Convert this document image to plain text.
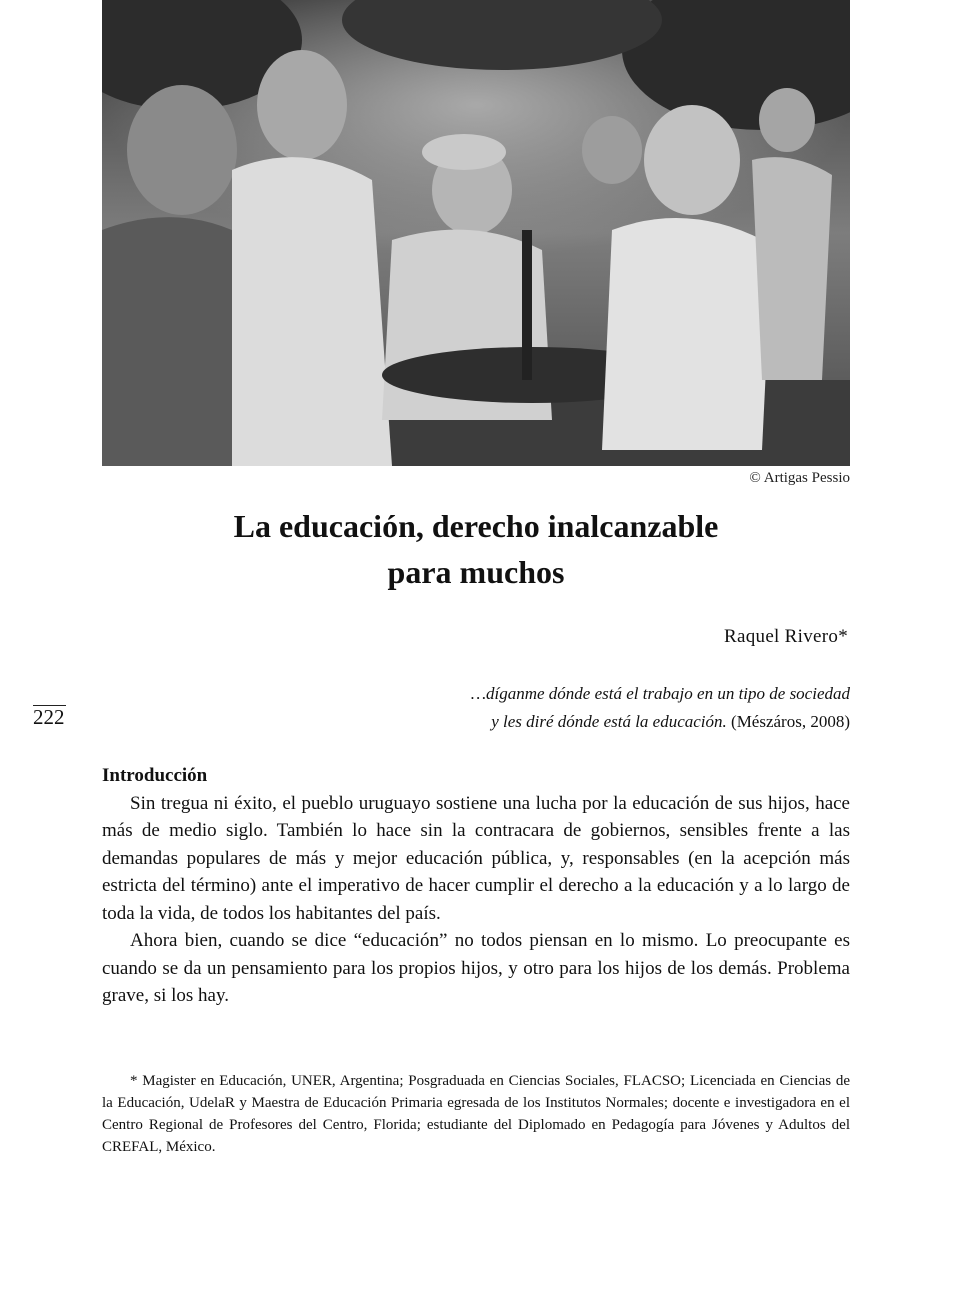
© Artigas Pessio
La educación, derecho inalcanzable
para muchos
Raquel Rivero*
…díganme dónde está el trabajo en un tipo de sociedad
y les diré dónde está la educación. (Mészáros, 2008)
222

Introducción

Sin tregua ni éxito, el pueblo uruguayo sostiene una lucha por la educación de sus hijos, hace más de medio siglo. También lo hace sin la contracara de gobiernos, sensibles frente a las demandas populares de más y mejor educación pública, y, responsables (en la acepción más estricta del término) ante el imperativo de hacer cumplir el derecho a la educación y a lo largo de toda la vida, de todos los habitantes del país.

Ahora bien, cuando se dice “educación” no todos piensan en lo mismo. Lo preocupante es cuando se da un pensamiento para los propios hijos, y otro para los hijos de los demás. Problema grave, si los hay.

* Magister en Educación, UNER, Argentina; Posgraduada en Ciencias Sociales, FLACSO; Licenciada en Ciencias de la Educación, UdelaR y Maestra de Educación Primaria egresada de los Institutos Normales; docente e investigadora en el Centro Regional de Profesores del Centro, Florida; estudiante del Diplomado en Pedagogía para Jóvenes y Adultos del CREFAL, México.
